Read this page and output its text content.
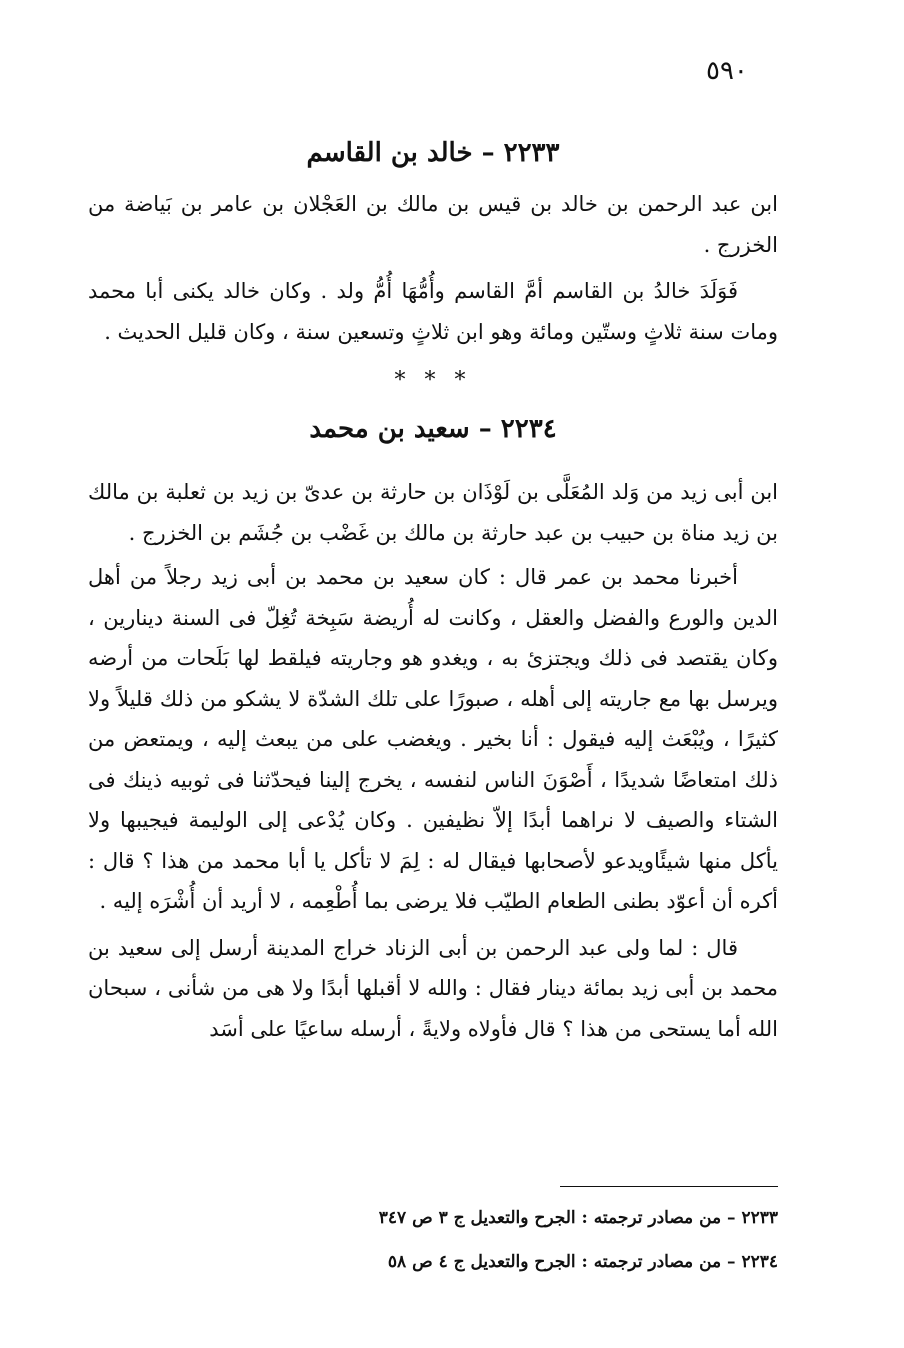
٥٩٠
٢٢٣٣ – خالد بن القاسم

ابن عبد الرحمن بن خالد بن قيس بن مالك بن العَجْلان بن عامر بن بَياضة من الخزرج .

فَوَلَدَ خالدُ بن القاسم أمَّ القاسم وأُمُّهَا أُمُّ ولد . وكان خالد يكنى أبا محمد ومات سنة ثلاثٍ وستّين ومائة وهو ابن ثلاثٍ وتسعين سنة ، وكان قليل الحديث .

* * *
٢٢٣٤ – سعيد بن محمد

ابن أبى زيد من وَلد المُعَلَّى بن لَوْذَان بن حارثة بن عدىّ بن زيد بن ثعلبة بن مالك بن زيد مناة بن حبيب بن عبد حارثة بن مالك بن غَضْب بن جُشَم بن الخزرج .

أخبرنا محمد بن عمر قال : كان سعيد بن محمد بن أبى زيد رجلاً من أهل الدين والورع والفضل والعقل ، وكانت له أُريضة سَبِخة تُغِلّ فى السنة دينارين ، وكان يقتصد فى ذلك ويجتزئ به ، ويغدو هو وجاريته فيلقط لها بَلَحات من أرضه ويرسل بها مع جاريته إلى أهله ، صبورًا على تلك الشدّة لا يشكو من ذلك قليلاً ولا كثيرًا ، ويُبْعَث إليه فيقول : أنا بخير . ويغضب على من يبعث إليه ، ويمتعض من ذلك امتعاضًا شديدًا ، أَصْوَنَ الناس لنفسه ، يخرج إلينا فيحدّثنا فى ثوبيه ذينك فى الشتاء والصيف لا نراهما أبدًا إلاّ نظيفين . وكان يُدْعى إلى الوليمة فيجيبها ولا يأكل منها شيئًاويدعو لأصحابها فيقال له : لِمَ لا تأكل يا أبا محمد من هذا ؟ قال : أكره أن أعوّد بطنى الطعام الطيّب فلا يرضى بما أُطْعِمه ، لا أريد أن أُشْرَه إليه .

قال : لما ولى عبد الرحمن بن أبى الزناد خراج المدينة أرسل إلى سعيد بن محمد بن أبى زيد بمائة دينار فقال : والله لا أقبلها أبدًا ولا هى من شأنى ، سبحان الله أما يستحى من هذا ؟ قال فأولاه ولايةً ، أرسله ساعيًا على أسَد

٢٢٣٣ – من مصادر ترجمته : الجرح والتعديل ج ٣ ص ٣٤٧
٢٢٣٤ – من مصادر ترجمته : الجرح والتعديل ج ٤ ص ٥٨
